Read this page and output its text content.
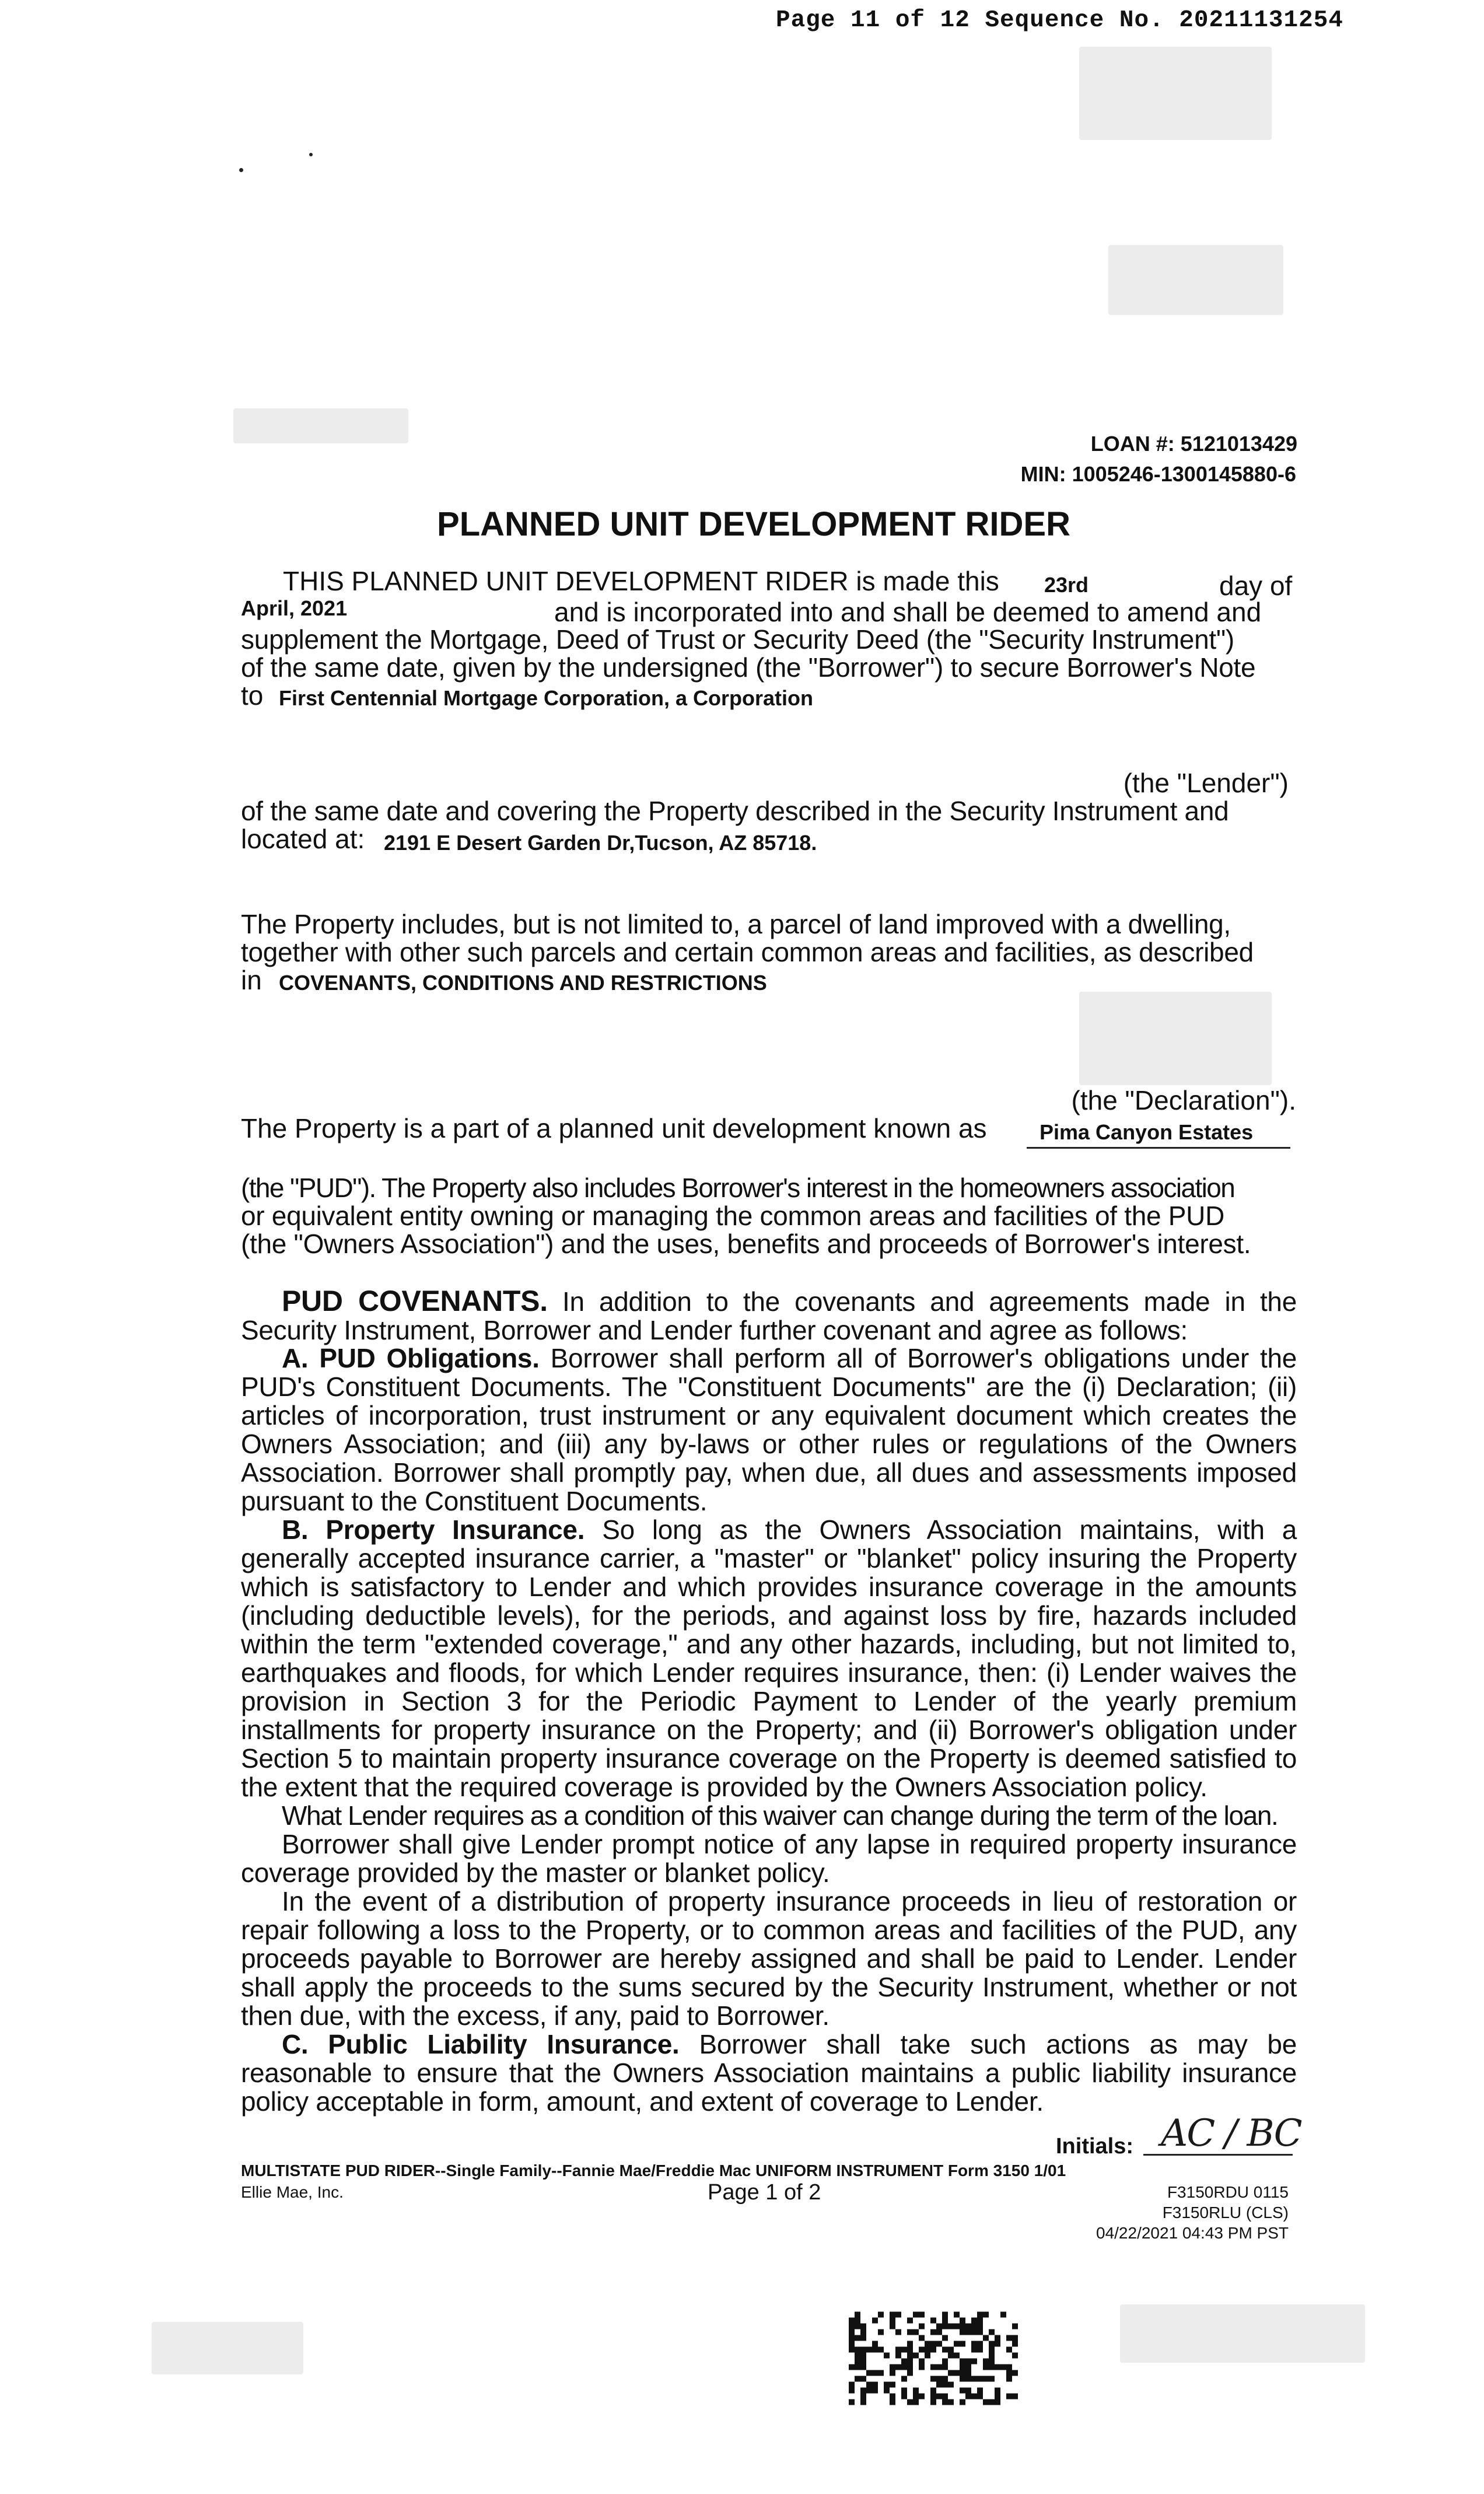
Page 11 of 12 Sequence No. 20211131254
LOAN #: 5121013429
MIN: 1005246-1300145880-6
PLANNED UNIT DEVELOPMENT RIDER
THIS PLANNED UNIT DEVELOPMENT RIDER is made this 23rd	day of
April, 2021	and is incorporated into and shall be deemed to amend and
supplement the Mortgage, Deed of Trust or Security Deed (the "Security Instrument")
of the same date, given by the undersigned (the "Borrower") to secure Borrower's Note
to First Centennial Mortgage Corporation, a Corporation
(the "Lender")
of the same date and covering the Property described in the Security Instrument and
located at: 2191 E Desert Garden Dr,Tucson, AZ 85718.
The Property includes, but is not limited to, a parcel of land improved with a dwelling,
together with other such parcels and certain common areas and facilities, as described
in COVENANTS, CONDITIONS AND RESTRICTIONS
(the "Declaration").
The Property is a part of a planned unit development known as	Pima Canyon Estates
(the "PUD"). The Property also includes Borrower's interest in the homeowners association
or equivalent entity owning or managing the common areas and facilities of the PUD
(the "Owners Association") and the uses, benefits and proceeds of Borrower's interest.
PUD COVENANTS. In addition to the covenants and agreements made in the Security Instrument, Borrower and Lender further covenant and agree as follows:
A. PUD Obligations. Borrower shall perform all of Borrower's obligations under the PUD's Constituent Documents. The "Constituent Documents" are the (i) Declaration; (ii) articles of incorporation, trust instrument or any equivalent document which creates the Owners Association; and (iii) any by-laws or other rules or regulations of the Owners Association. Borrower shall promptly pay, when due, all dues and assessments imposed pursuant to the Constituent Documents.
B. Property Insurance. So long as the Owners Association maintains, with a generally accepted insurance carrier, a "master" or "blanket" policy insuring the Property which is satisfactory to Lender and which provides insurance coverage in the amounts (including deductible levels), for the periods, and against loss by fire, hazards included within the term "extended coverage," and any other hazards, including, but not limited to, earthquakes and floods, for which Lender requires insurance, then: (i) Lender waives the provision in Section 3 for the Periodic Payment to Lender of the yearly premium installments for property insurance on the Property; and (ii) Borrower's obligation under Section 5 to maintain property insurance coverage on the Property is deemed satisfied to the extent that the required coverage is provided by the Owners Association policy.
What Lender requires as a condition of this waiver can change during the term of the loan.
Borrower shall give Lender prompt notice of any lapse in required property insurance coverage provided by the master or blanket policy.
In the event of a distribution of property insurance proceeds in lieu of restoration or repair following a loss to the Property, or to common areas and facilities of the PUD, any proceeds payable to Borrower are hereby assigned and shall be paid to Lender. Lender shall apply the proceeds to the sums secured by the Security Instrument, whether or not then due, with the excess, if any, paid to Borrower.
C. Public Liability Insurance. Borrower shall take such actions as may be reasonable to ensure that the Owners Association maintains a public liability insurance policy acceptable in form, amount, and extent of coverage to Lender.
Initials: AC / BC
MULTISTATE PUD RIDER--Single Family--Fannie Mae/Freddie Mac UNIFORM INSTRUMENT Form 3150 1/01
Ellie Mae, Inc.	Page 1 of 2	F3150RDU 0115
F3150RLU (CLS)
04/22/2021 04:43 PM PST
